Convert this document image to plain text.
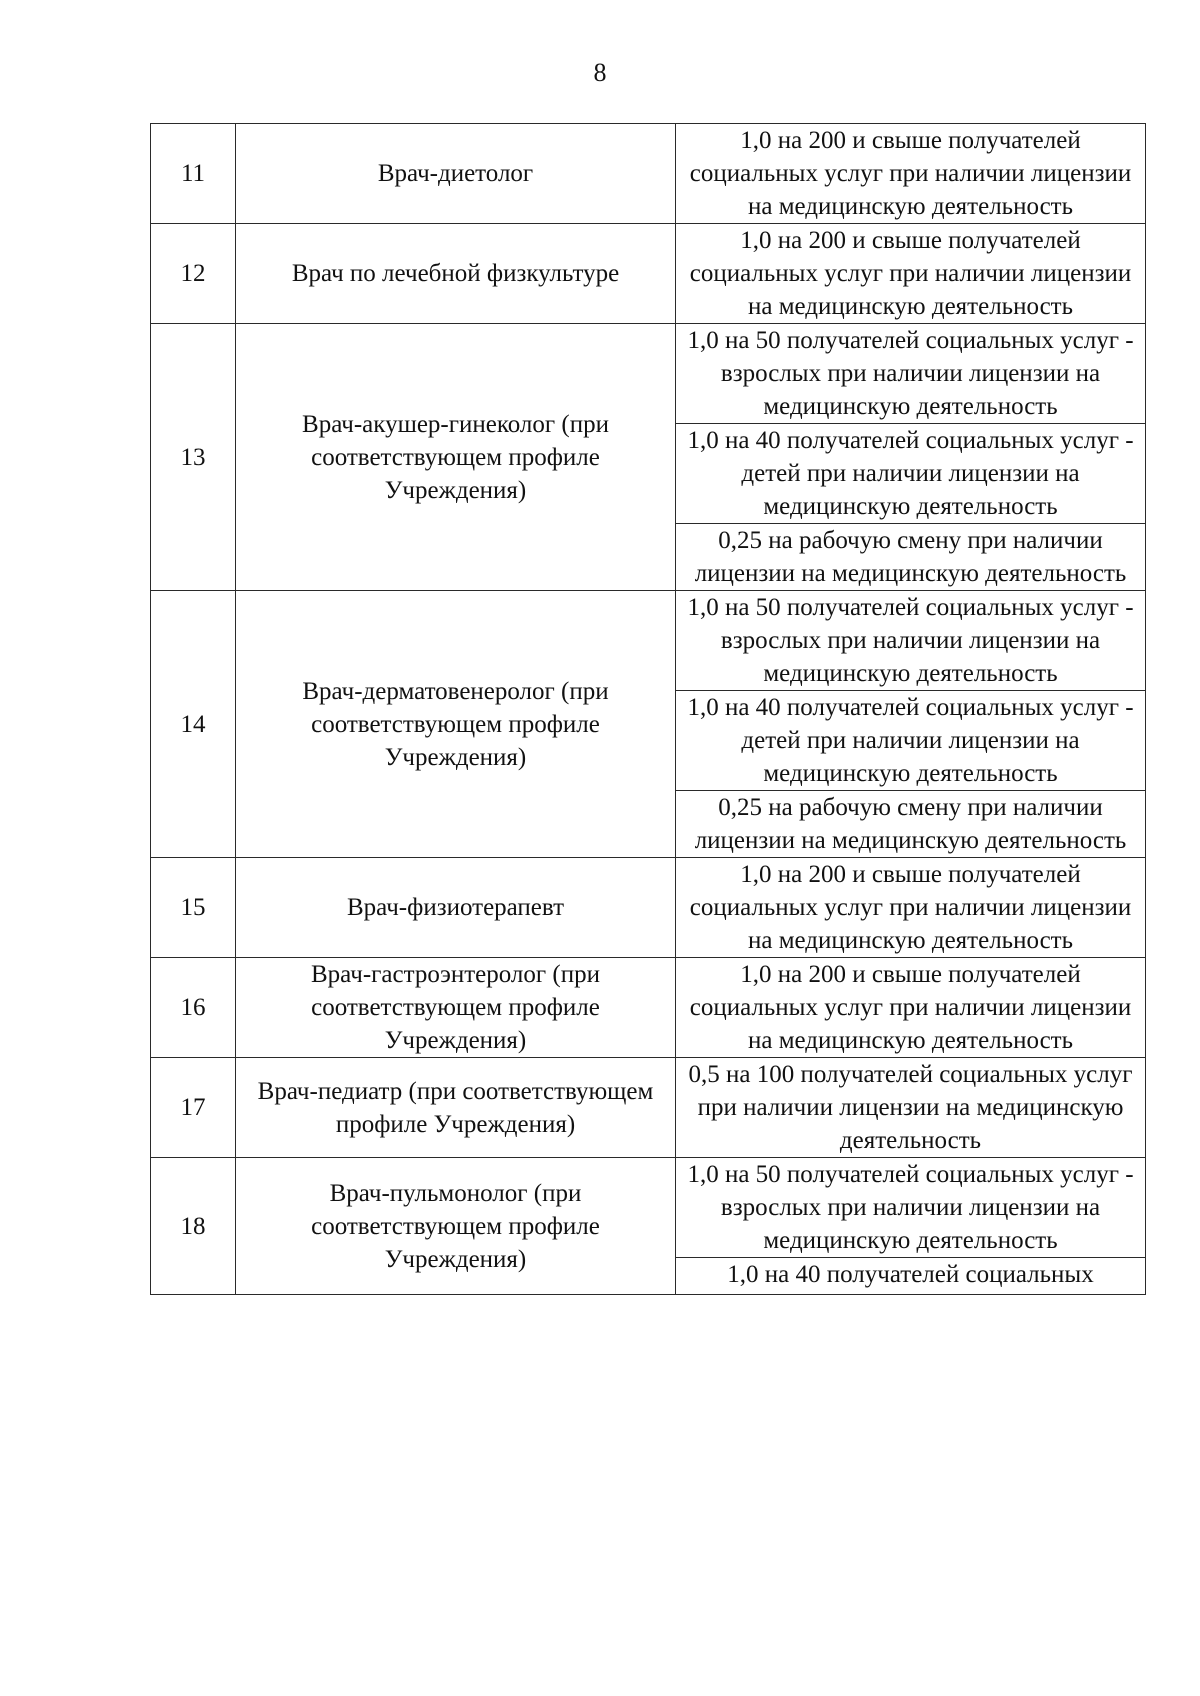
8
11	Врач-диетолог	1,0 на 200 и свыше получателей социальных услуг при наличии лицензии на медицинскую деятельность
12	Врач по лечебной физкультуре	1,0 на 200 и свыше получателей социальных услуг при наличии лицензии на медицинскую деятельность
13	Врач-акушер-гинеколог (при соответствующем профиле Учреждения)	1,0 на 50 получателей социальных услуг - взрослых при наличии лицензии на медицинскую деятельность
		1,0 на 40 получателей социальных услуг - детей при наличии лицензии на медицинскую деятельность
		0,25 на рабочую смену при наличии лицензии на медицинскую деятельность
14	Врач-дерматовенеролог (при соответствующем профиле Учреждения)	1,0 на 50 получателей социальных услуг - взрослых при наличии лицензии на медицинскую деятельность
		1,0 на 40 получателей социальных услуг - детей при наличии лицензии на медицинскую деятельность
		0,25 на рабочую смену при наличии лицензии на медицинскую деятельность
15	Врач-физиотерапевт	1,0 на 200 и свыше получателей социальных услуг при наличии лицензии на медицинскую деятельность
16	Врач-гастроэнтеролог (при соответствующем профиле Учреждения)	1,0 на 200 и свыше получателей социальных услуг при наличии лицензии на медицинскую деятельность
17	Врач-педиатр (при соответствующем профиле Учреждения)	0,5 на 100 получателей социальных услуг при наличии лицензии на медицинскую деятельность
18	Врач-пульмонолог (при соответствующем профиле Учреждения)	1,0 на 50 получателей социальных услуг - взрослых при наличии лицензии на медицинскую деятельность
		1,0 на 40 получателей социальных
